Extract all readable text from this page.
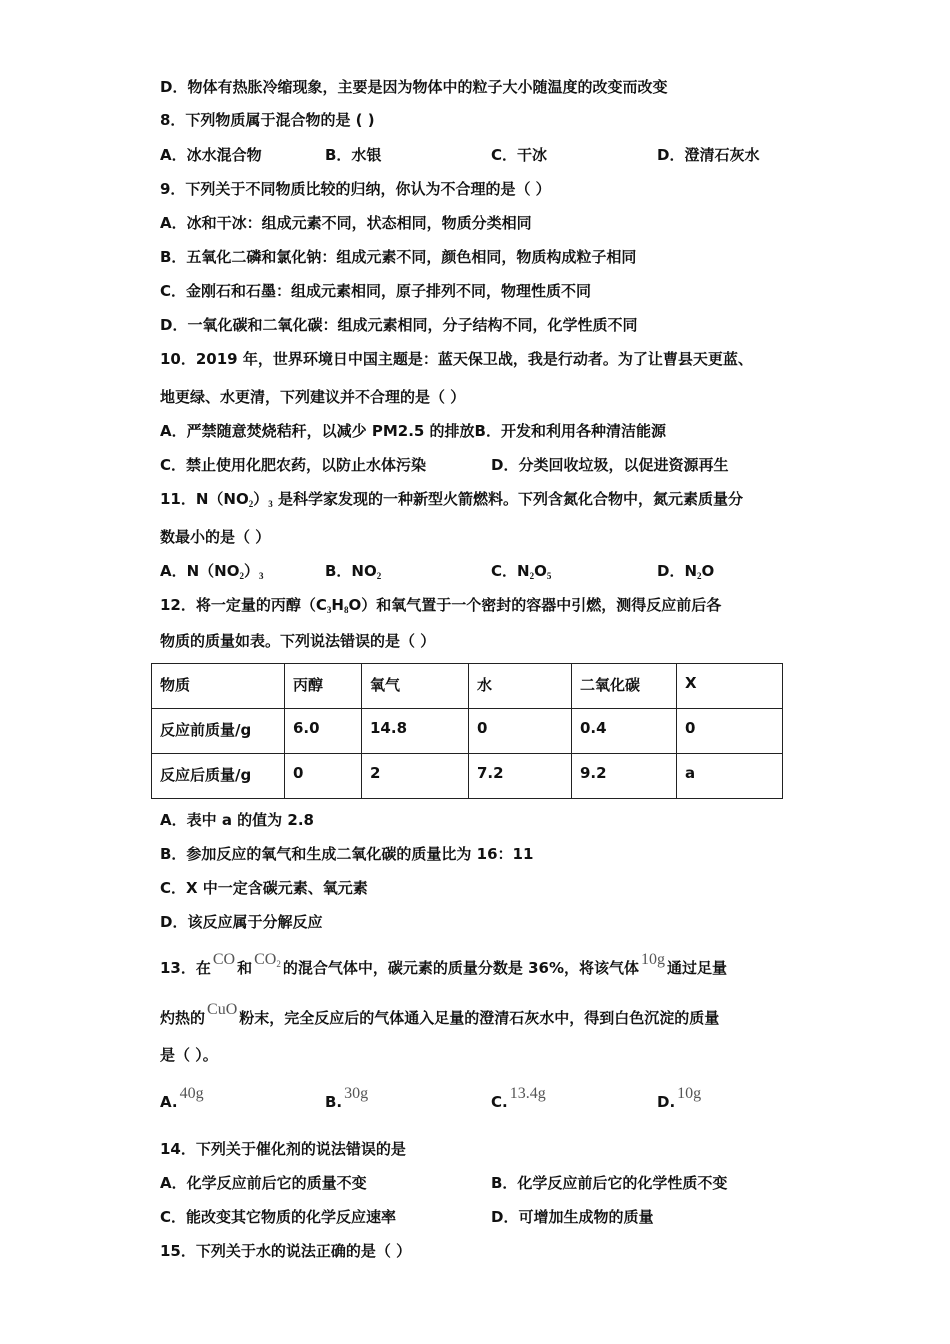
D．物体有热胀冷缩现象，主要是因为物体中的粒子大小随温度的改变而改变
8．下列物质属于混合物的是 ( )
A．冰水混合物	B．水银	C．干冰	D．澄清石灰水
9．下列关于不同物质比较的归纳，你认为不合理的是（ ）
A．冰和干冰：组成元素不同，状态相同，物质分类相同
B．五氧化二磷和氯化钠：组成元素不同，颜色相同，物质构成粒子相同
C．金刚石和石墨：组成元素相同，原子排列不同，物理性质不同
D．一氧化碳和二氧化碳：组成元素相同，分子结构不同，化学性质不同
10．2019 年，世界环境日中国主题是：蓝天保卫战，我是行动者。为了让曹县天更蓝、
地更绿、水更清，下列建议并不合理的是（ ）
A．严禁随意焚烧秸秆，以减少 PM2.5 的排放B．开发和利用各种清洁能源
C．禁止使用化肥农药，以防止水体污染	D．分类回收垃圾，以促进资源再生
11．$N(NO_2)_3$ 是科学家发现的一种新型火箭燃料。下列含氮化合物中，氮元素质量分
数最小的是（ ）
A．$N(NO_2)_3$	B．$NO_2$	C．$N_2O_5$	D．$N_2O$
12．将一定量的丙醇$(C_3H_8O)$和氧气置于一个密封的容器中引燃，测得反应前后各
物质的质量如表。下列说法错误的是（ ）
A．表中 a 的值为 2.8
B．参加反应的氧气和生成二氧化碳的质量比为 16：11
C．X 中一定含碳元素、氧元素
D．该反应属于分解反应
13．在 CO 和 CO2 的混合气体中，碳元素的质量分数是 36%，将该气体 10g 通过足量
灼热的 CuO 粉末，完全反应后的气体通入足量的澄清石灰水中，得到白色沉淀的质量
是（ ）。
A. 40g	B. 30g	C. 13.4g	D. 10g
14．下列关于催化剂的说法错误的是
A．化学反应前后它的质量不变	B．化学反应前后它的化学性质不变
C．能改变其它物质的化学反应速率	D．可增加生成物的质量
15．下列关于水的说法正确的是（ ）
物质	丙醇	氧气	水	二氧化碳	X
反应前质量/g	6.0	14.8	0	0.4	0
反应后质量/g	0	2	7.2	9.2	a
